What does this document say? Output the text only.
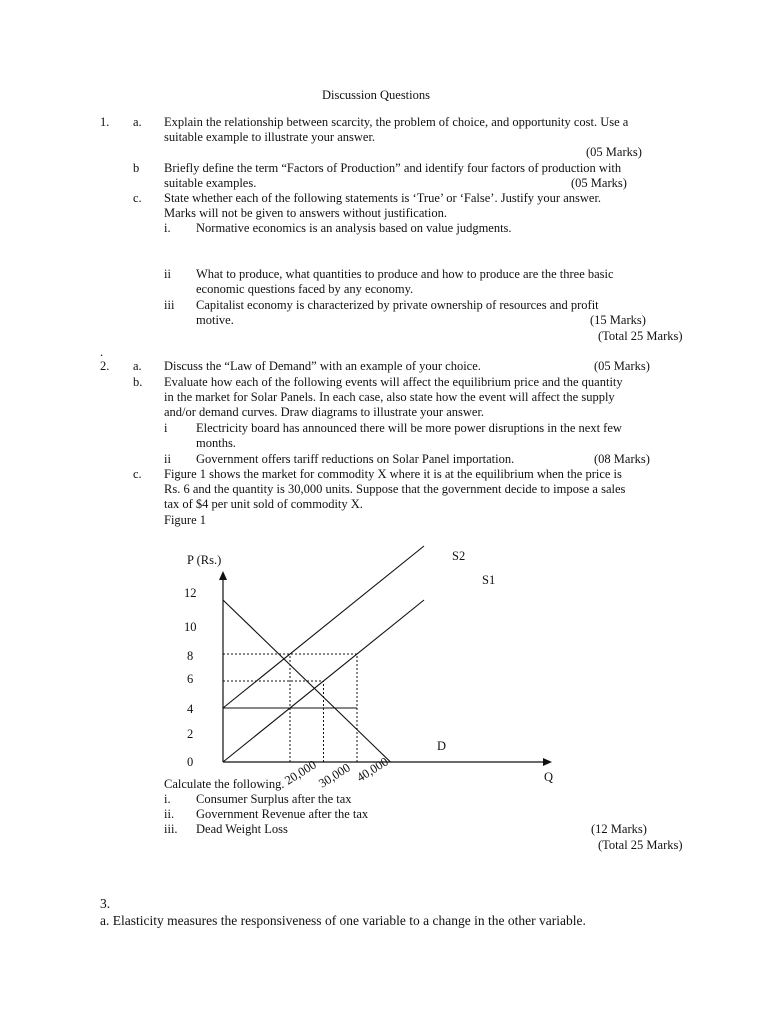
Discussion Questions
1. a. Explain the relationship between scarcity, the problem of choice, and opportunity cost. Use a
suitable example to illustrate your answer.
(05 Marks)
b Briefly define the term “Factors of Production” and identify four factors of production with
suitable examples.	(05 Marks)
c. State whether each of the following statements is ‘True’ or ‘False’. Justify your answer.
Marks will not be given to answers without justification.
i. Normative economics is an analysis based on value judgments.
ii What to produce, what quantities to produce and how to produce are the three basic
economic questions faced by any economy.
iii Capitalist economy is characterized by private ownership of resources and profit
motive.	(15 Marks)
(Total 25 Marks)
.
2. a. Discuss the “Law of Demand” with an example of your choice.	(05 Marks)
b. Evaluate how each of the following events will affect the equilibrium price and the quantity
in the market for Solar Panels. In each case, also state how the event will affect the supply
and/or demand curves. Draw diagrams to illustrate your answer.
i Electricity board has announced there will be more power disruptions in the next few
months.
ii Government offers tariff reductions on Solar Panel importation.	(08 Marks)
c. Figure 1 shows the market for commodity X where it is at the equilibrium when the price is
Rs. 6 and the quantity is 30,000 units. Suppose that the government decide to impose a sales
tax of $4 per unit sold of commodity X.
Figure 1
P (Rs.)
Q
12
10
8
6
4
2
0	20,000
30,000 40,000
S2
S1
D
Calculate the following.
i. Consumer Surplus after the tax
ii. Government Revenue after the tax
iii. Dead Weight Loss	(12 Marks)
(Total 25 Marks)
3.
a. Elasticity measures the responsiveness of one variable to a change in the other variable.
